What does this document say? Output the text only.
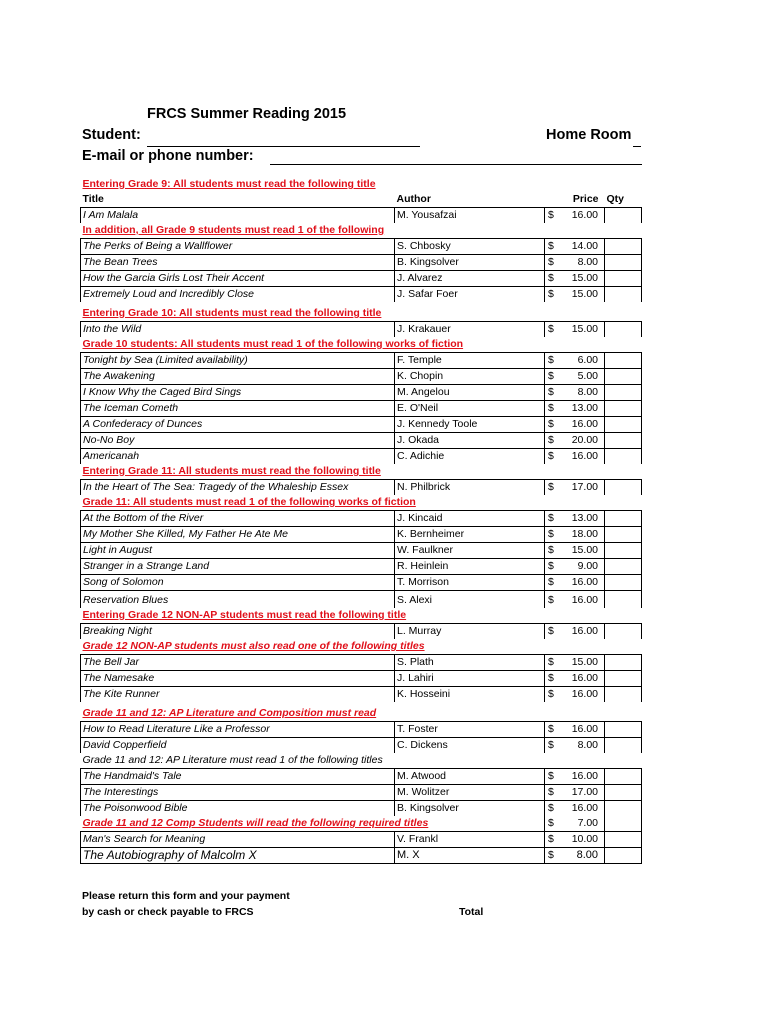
FRCS Summer Reading 2015
Student:	Home Room
E-mail or phone number:
Entering Grade 9: All students must read the following title				
Title	Author	Price		Qty
I Am Malala	M. Yousafzai	$	16.00	
In addition, all Grade 9 students must read 1 of the following				
The Perks of Being a Wallflower	S. Chbosky	$	14.00	
The Bean Trees	B. Kingsolver	$	8.00	
How the Garcia Girls Lost Their Accent	J. Alvarez	$	15.00	
Extremely Loud and Incredibly Close	J. Safar Foer	$	15.00	

Entering Grade 10: All students must read the following title				
Into the Wild	J. Krakauer	$	15.00	
Grade 10 students: All students must read 1 of the following works of fiction				
Tonight by Sea (Limited availability)	F. Temple	$	6.00	
The Awakening	K. Chopin	$	5.00	
I Know Why the Caged Bird Sings	M. Angelou	$	8.00	
The Iceman Cometh	E. O'Neil	$	13.00	
A Confederacy of Dunces	J. Kennedy Toole	$	16.00	
No-No Boy	J. Okada	$	20.00	
Americanah	C. Adichie	$	16.00	
Entering Grade 11: All students must read the following title				
In the Heart of The Sea: Tragedy of the Whaleship Essex	N. Philbrick	$	17.00	
Grade 11: All students must read 1 of the following works of fiction				
At the Bottom of the River	J. Kincaid	$	13.00	
My Mother She Killed, My Father He Ate Me	K. Bernheimer	$	18.00	
Light in August	W. Faulkner	$	15.00	
Stranger in a Strange Land	R. Heinlein	$	9.00	
Song of Solomon	T. Morrison	$	16.00	
Reservation Blues	S. Alexi	$	16.00	
Entering Grade 12 NON-AP students must read the following title				
Breaking Night	L. Murray	$	16.00	
Grade 12 NON-AP students must also read one of the following titles				
The Bell Jar	S. Plath	$	15.00	
The Namesake	J. Lahiri	$	16.00	
The Kite Runner	K. Hosseini	$	16.00	

Grade 11 and 12: AP Literature and Composition must read				
How to Read Literature Like a Professor	T. Foster	$	16.00	
David Copperfield	C. Dickens	$	8.00	
Grade 11 and 12: AP Literature must read 1 of the following titles				
The Handmaid's Tale	M. Atwood	$	16.00	
The Interestings	M. Wolitzer	$	17.00	
The Poisonwood Bible	B. Kingsolver	$	16.00	
Grade 11 and 12 Comp Students will read the following required titles		$	7.00	
Man's Search for Meaning	V. Frankl	$	10.00	
The Autobiography of Malcolm X	M. X	$	8.00	

Please return this form and your payment
by cash or check payable to FRCS	Total
